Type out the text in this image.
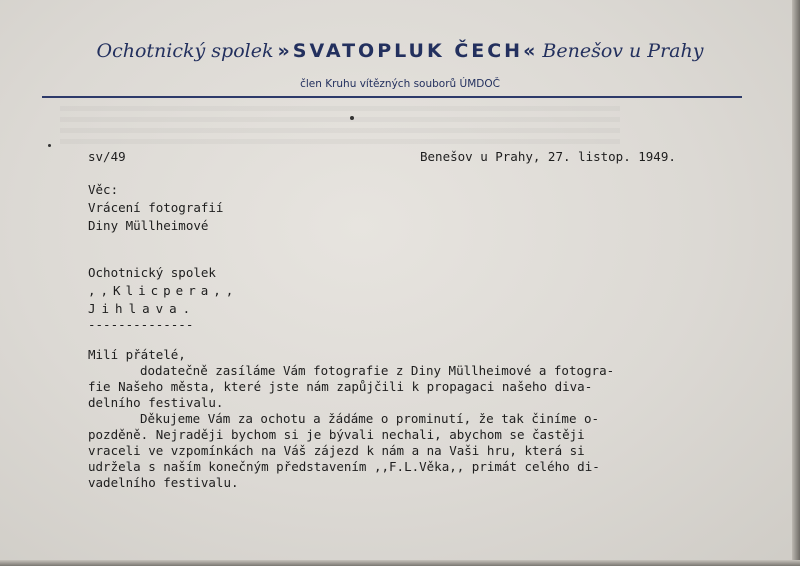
Ochotnický spolek »SVATOPLUK ČECH« Benešov u Prahy
člen Kruhu vítězných souborů ÚMDOČ
sv/49	Benešov u Prahy, 27. listop. 1949.
Věc:
Vrácení fotografií
Diny Müllheimové
Ochotnický spolek
,,Klicpera,,
Jihlava.
--------------
Milí přátelé,
dodatečně zasíláme Vám fotografie z Diny Müllheimové a fotogra-
fie Našeho města, které jste nám zapůjčili k propagaci našeho diva-
delního festivalu.
Děkujeme Vám za ochotu a žádáme o prominutí, že tak činíme o-
pozděně. Nejraději bychom si je bývali nechali, abychom se častěji
vraceli ve vzpomínkách na Váš zájezd k nám a na Vaši hru, která si
udržela s naším konečným představením ,,F.L.Věka,, primát celého di-
vadelního festivalu.
